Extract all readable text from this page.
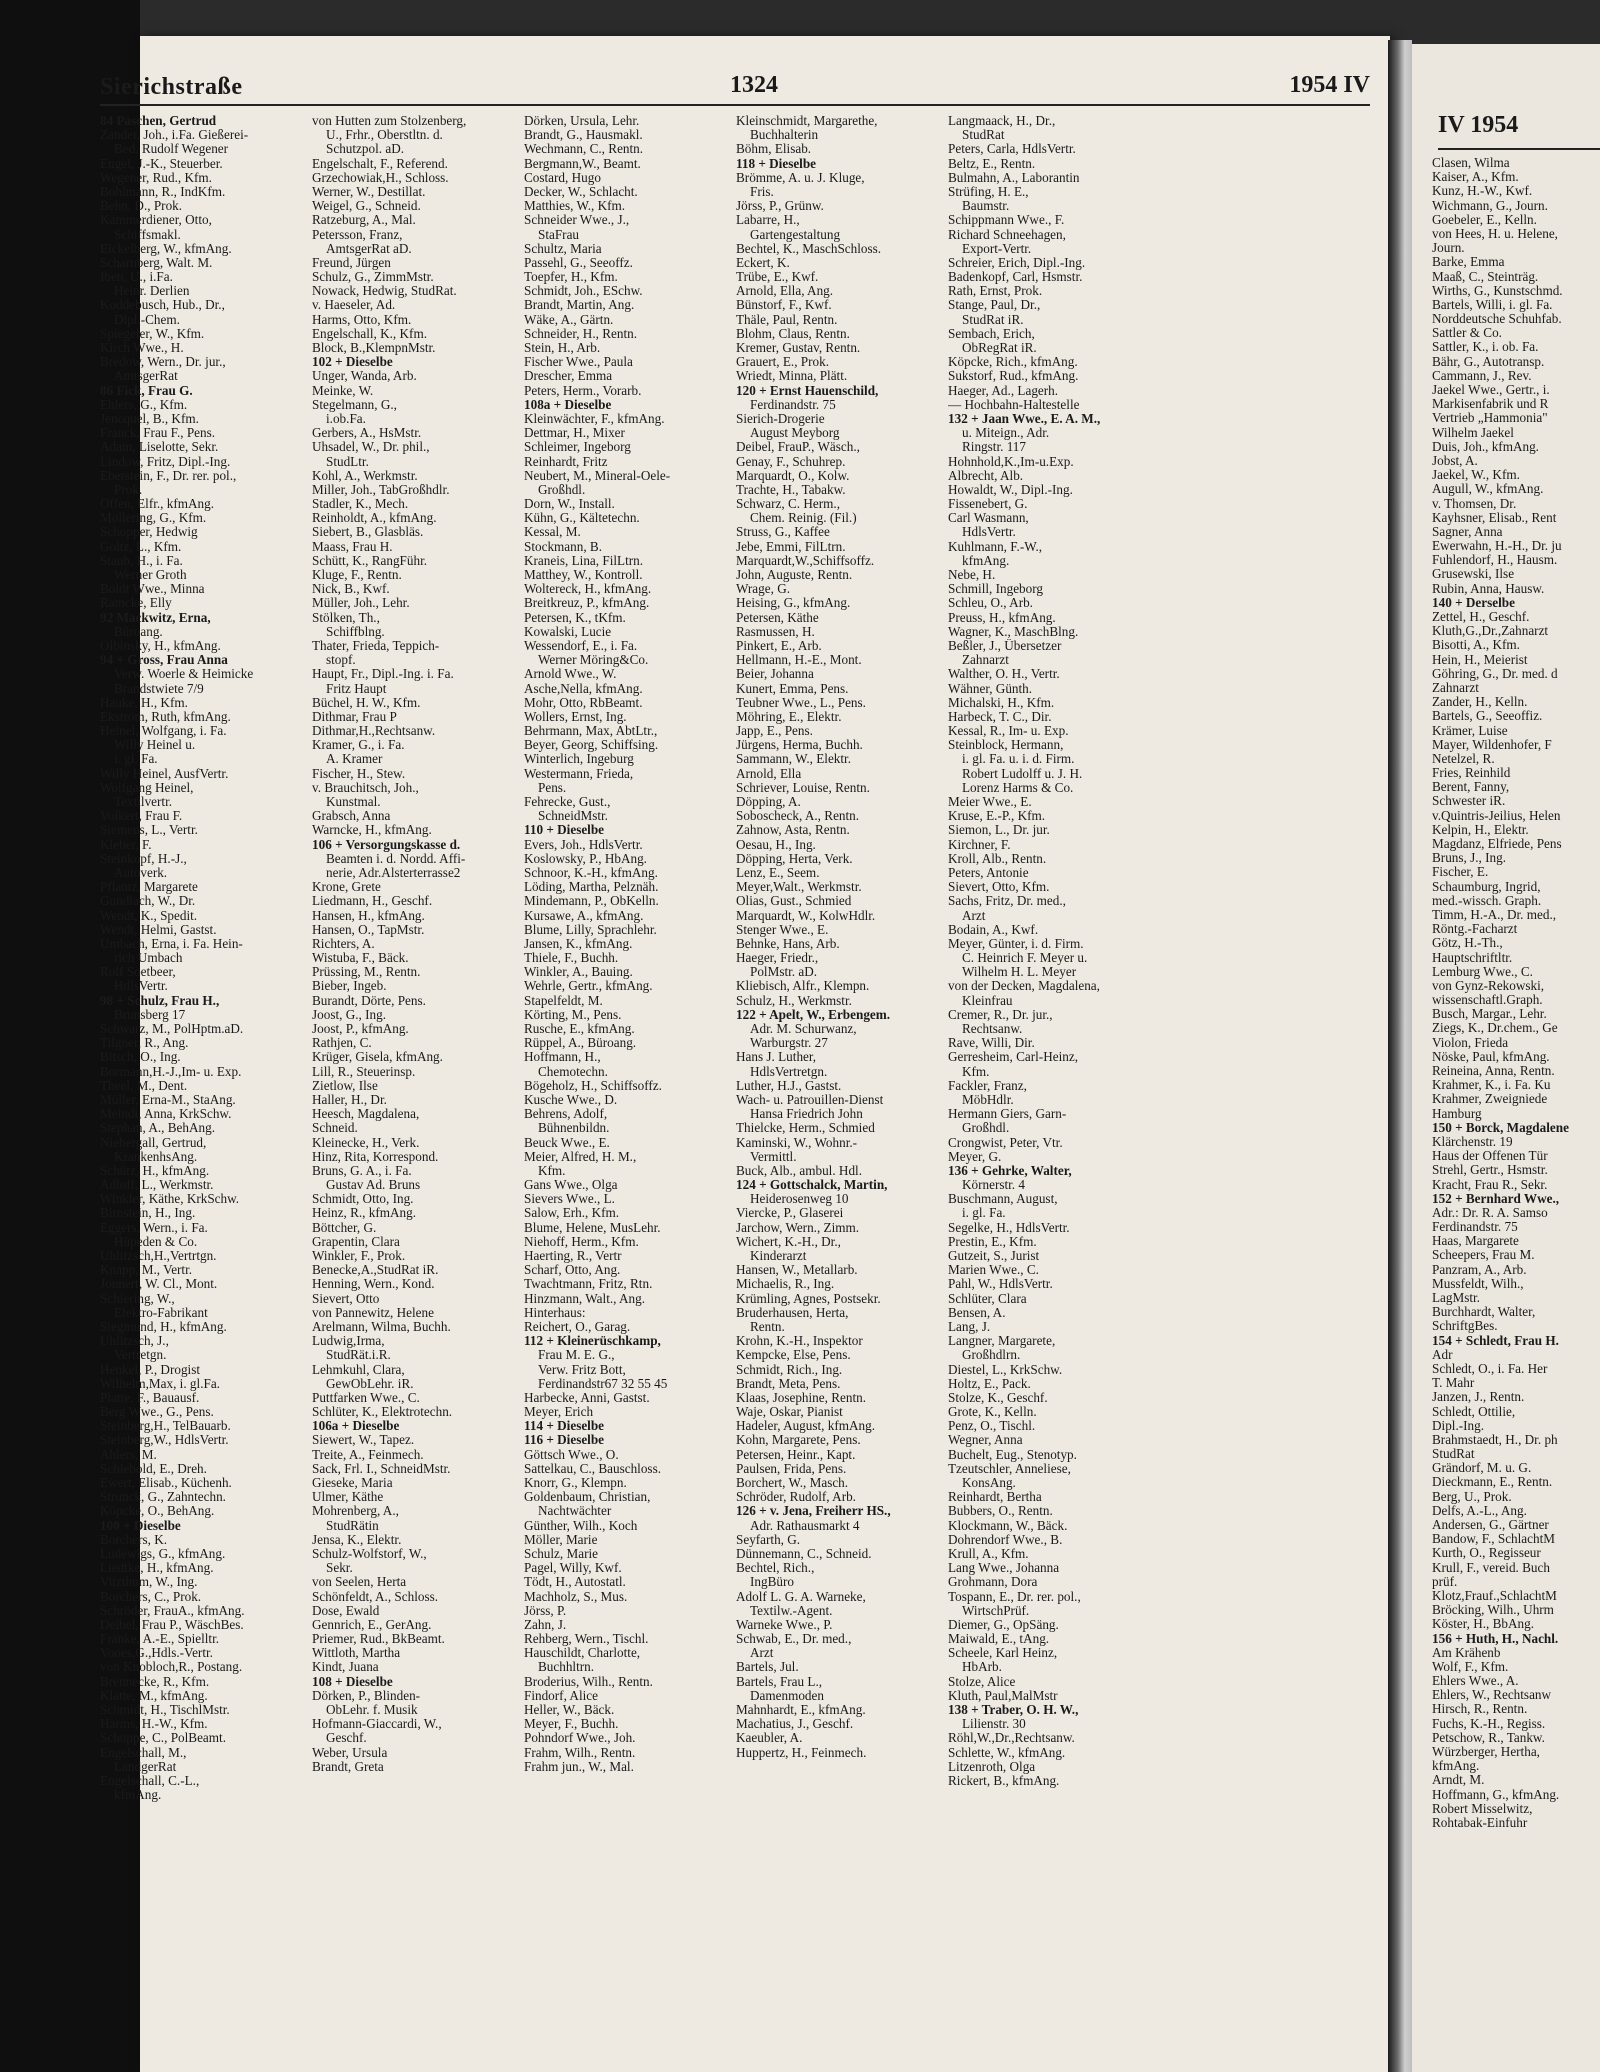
IV 1954
Clasen, Wilma
Kaiser, A., Kfm.
Kunz, H.-W., Kwf.
Wichmann, G., Journ.
Goebeler, E., Kelln.
von Hees, H. u. Helene,
Journ.
Barke, Emma
Maaß, C., Steinträg.
Wirths, G., Kunstschmd.
Bartels, Willi, i. gl. Fa.
Norddeutsche Schuhfab.
Sattler & Co.
Sattler, K., i. ob. Fa.
Bähr, G., Autotransp.
Cammann, J., Rev.
Jaekel Wwe., Gertr., i.
Markisenfabrik und R
Vertrieb „Hammonia"
Wilhelm Jaekel
Duis, Joh., kfmAng.
Jobst, A.
Jaekel, W., Kfm.
Augull, W., kfmAng.
v. Thomsen, Dr.
Kayhsner, Elisab., Rent
Sagner, Anna
Ewerwahn, H.-H., Dr. ju
Fuhlendorf, H., Hausm.
Grusewski, Ilse
Rubin, Anna, Hausw.
140 + Derselbe
Zettel, H., Geschf.
Kluth,G.,Dr.,Zahnarzt
Bisotti, A., Kfm.
Hein, H., Meierist
Göhring, G., Dr. med. d
Zahnarzt
Zander, H., Kelln.
Bartels, G., Seeoffiz.
Krämer, Luise
Mayer, Wildenhofer, F
Netelzel, R.
Fries, Reinhild
Berent, Fanny,
Schwester iR.
v.Quintris-Jeilius, Helen
Kelpin, H., Elektr.
Magdanz, Elfriede, Pens
Bruns, J., Ing.
Fischer, E.
Schaumburg, Ingrid,
med.-wissch. Graph.
Timm, H.-A., Dr. med.,
Röntg.-Facharzt
Götz, H.-Th.,
Hauptschriftltr.
Lemburg Wwe., C.
von Gynz-Rekowski,
wissenschaftl.Graph.
Busch, Margar., Lehr.
Ziegs, K., Dr.chem., Ge
Violon, Frieda
Nöske, Paul, kfmAng.
Reineina, Anna, Rentn.
Krahmer, K., i. Fa. Ku
Krahmer, Zweigniede
Hamburg
150 + Borck, Magdalene
Klärchenstr. 19
Haus der Offenen Tür
Strehl, Gertr., Hsmstr.
Kracht, Frau R., Sekr.
152 + Bernhard Wwe.,
Adr.: Dr. R. A. Samso
Ferdinandstr. 75
Haas, Margarete
Scheepers, Frau M.
Panzram, A., Arb.
Mussfeldt, Wilh.,
LagMstr.
Burchhardt, Walter,
SchriftgBes.
154 + Schledt, Frau H.
Adr
Schledt, O., i. Fa. Her
T. Mahr
Janzen, J., Rentn.
Schledt, Ottilie,
Dipl.-Ing.
Brahmstaedt, H., Dr. ph
StudRat
Grändorf, M. u. G.
Dieckmann, E., Rentn.
Berg, U., Prok.
Delfs, A.-L., Ang.
Andersen, G., Gärtner
Bandow, F., SchlachtM
Kurth, O., Regisseur
Krull, F., vereid. Buch
prüf.
Klotz,Frauf.,SchlachtM
Bröcking, Wilh., Uhrm
Köster, H., BbAng.
156 + Huth, H., Nachl.
Am Krähenb
Wolf, F., Kfm.
Ehlers Wwe., A.
Ehlers, W., Rechtsanw
Hirsch, R., Rentn.
Fuchs, K.-H., Regiss.
Petschow, R., Tankw.
Würzberger, Hertha,
kfmAng.
Arndt, M.
Hoffmann, G., kfmAng.
Robert Misselwitz,
Rohtabak-Einfuhr
Sierichstraße	1324	1954 IV
84 Paschen, Gertrud
Zander, Joh., i.Fa. Gießerei-
Bed. Rudolf Wegener
Engel, J.-K., Steuerber.
Wegener, Rud., Kfm.
Bohlmann, R., IndKfm.
Behn, D., Prok.
Kammerdiener, Otto,
Schiffsmakl.
Eickelberg, W., kfmAng.
Scharnberg, Walt. M.
Iben, U., i.Fa.
Heinr. Derlien
Koddebusch, Hub., Dr.,
Dipl.-Chem.
Spiegeler, W., Kfm.
Kirch Wwe., H.
Bredow, Wern., Dr. jur.,
AmtsgerRat
86 Fick, Frau G.
Ehlers, G., Kfm.
Jencquel, B., Kfm.
Franck, Frau F., Pens.
Adam, Liselotte, Sekr.
Lindow, Fritz, Dipl.-Ing.
Eberstein, F., Dr. rer. pol.,
Prok.
Offen, Elfr., kfmAng.
Möllering, G., Kfm.
Schopper, Hedwig
Goltz, L., Kfm.
Staub, H., i. Fa.
Werner Groth
Boldt Wwe., Minna
Ramcke, Elly
92 Mackwitz, Erna,
Büroang.
Olbinsky, H., kfmAng.
94 + Gross, Frau Anna
Verw. Woerle & Heimicke
Brandstwiete 7/9
Hauke, H., Kfm.
Ekström, Ruth, kfmAng.
Heinel, Wolfgang, i. Fa.
Willy Heinel u.
i. gl. Fa.
Willy Heinel, AusfVertr.
Wolfgang Heinel,
Textilvertr.
Volkert, Frau F.
Siemens, L., Vertr.
Kleber, F.
Steinkopf, H.-J.,
Autoverk.
Pflantz, Margarete
Gundlach, W., Dr.
Wendt, K., Spedit.
Wendt, Helmi, Gastst.
Umbach, Erna, i. Fa. Hein-
rich Umbach
Rolf Soetbeer,
HdlsVertr.
98 + Schulz, Frau H.,
Brunsberg 17
Schwarz, M., PolHptm.aD.
Tilgner, R., Ang.
Bitsch, O., Ing.
Bormann,H.-J.,Im- u. Exp.
Theel, M., Dent.
Müller, Erna-M., StaAng.
Meindl, Anna, KrkSchw.
Stephan, A., BehAng.
Niebergall, Gertrud,
KrankenhsAng.
Schütz, H., kfmAng.
Adloff, L., Werkmstr.
Winkler, Käthe, KrkSchw.
Birnstein, H., Ing.
Eggers, Wern., i. Fa.
Hüpeden & Co.
Uhlitzsch,H.,Vertrtgn.
Knapp, M., Vertr.
Jonnert, W. Cl., Mont.
Schiering, W.,
Elektro-Fabrikant
Siegmund, H., kfmAng.
Uhlitzsch, J.,
Vertretgn.
Henkel, P., Drogist
Wilhelm,Max, i. gl.Fa.
Platte, F., Bauausf.
Berg Wwe., G., Pens.
Steinberg,H., TelBauarb.
Steinberg,W., HdlsVertr.
Ahlers, M.
Schiebold, E., Dreh.
Ewert, Elisab., Küchenh.
Strunck, G., Zahntechn.
Köpcke, O., BehAng.
100 + Dieselbe
Borchers, K.
Ludewigs, G., kfmAng.
Liedtke, H., kfmAng.
Vitzthum, W., Ing.
Borchers, C., Prok.
Schröder, FrauA., kfmAng.
Deibel, Frau P., WäschBes.
Franke, A.-E., Spielltr.
Vooes,G.,Hdls.-Vertr.
von Knobloch,R., Postang.
Brennecke, R., Kfm.
Klatte, M., kfmAng.
Schmidt, H., TischlMstr.
Harms, H.-W., Kfm.
Schuppe, C., PolBeamt.
Engelschall, M.,
LandgerRat
Engelschall, C.-L.,
kfmAng.
von Hutten zum Stolzenberg,
U., Frhr., Oberstltn. d.
Schutzpol. aD.
Engelschalt, F., Referend.
Grzechowiak,H., Schloss.
Werner, W., Destillat.
Weigel, G., Schneid.
Ratzeburg, A., Mal.
Petersson, Franz,
AmtsgerRat aD.
Freund, Jürgen
Schulz, G., ZimmMstr.
Nowack, Hedwig, StudRat.
v. Haeseler, Ad.
Harms, Otto, Kfm.
Engelschall, K., Kfm.
Block, B.,KlempnMstr.
102 + Dieselbe
Unger, Wanda, Arb.
Meinke, W.
Stegelmann, G.,
i.ob.Fa.
Gerbers, A., HsMstr.
Uhsadel, W., Dr. phil.,
StudLtr.
Kohl, A., Werkmstr.
Miller, Joh., TabGroßhdlr.
Stadler, K., Mech.
Reinholdt, A., kfmAng.
Siebert, B., Glasbläs.
Maass, Frau H.
Schütt, K., RangFühr.
Kluge, F., Rentn.
Nick, B., Kwf.
Müller, Joh., Lehr.
Stölken, Th.,
Schiffblng.
Thater, Frieda, Teppich-
stopf.
Haupt, Fr., Dipl.-Ing. i. Fa.
Fritz Haupt
Büchel, H. W., Kfm.
Dithmar, Frau P
Dithmar,H.,Rechtsanw.
Kramer, G., i. Fa.
A. Kramer
Fischer, H., Stew.
v. Brauchitsch, Joh.,
Kunstmal.
Grabsch, Anna
Warncke, H., kfmAng.
106 + Versorgungskasse d.
Beamten i. d. Nordd. Affi-
nerie, Adr.Alsterterrasse2
Krone, Grete
Liedmann, H., Geschf.
Hansen, H., kfmAng.
Hansen, O., TapMstr.
Richters, A.
Wistuba, F., Bäck.
Prüssing, M., Rentn.
Bieber, Ingeb.
Burandt, Dörte, Pens.
Joost, G., Ing.
Joost, P., kfmAng.
Rathjen, C.
Krüger, Gisela, kfmAng.
Lill, R., Steuerinsp.
Zietlow, Ilse
Haller, H., Dr.
Heesch, Magdalena,
Schneid.
Kleinecke, H., Verk.
Hinz, Rita, Korrespond.
Bruns, G. A., i. Fa.
Gustav Ad. Bruns
Schmidt, Otto, Ing.
Heinz, R., kfmAng.
Böttcher, G.
Grapentin, Clara
Winkler, F., Prok.
Benecke,A.,StudRat iR.
Henning, Wern., Kond.
Sievert, Otto
von Pannewitz, Helene
Arelmann, Wilma, Buchh.
Ludwig,Irma,
StudRät.i.R.
Lehmkuhl, Clara,
GewObLehr. iR.
Puttfarken Wwe., C.
Schlüter, K., Elektrotechn.
106a + Dieselbe
Siewert, W., Tapez.
Treite, A., Feinmech.
Sack, Frl. I., SchneidMstr.
Gieseke, Maria
Ulmer, Käthe
Mohrenberg, A.,
StudRätin
Jensa, K., Elektr.
Schulz-Wolfstorf, W.,
Sekr.
von Seelen, Herta
Schönfeldt, A., Schloss.
Dose, Ewald
Gennrich, E., GerAng.
Priemer, Rud., BkBeamt.
Wittloth, Martha
Kindt, Juana
108 + Dieselbe
Dörken, P., Blinden-
ObLehr. f. Musik
Hofmann-Giaccardi, W.,
Geschf.
Weber, Ursula
Brandt, Greta
Dörken, Ursula, Lehr.
Brandt, G., Hausmakl.
Wechmann, C., Rentn.
Bergmann,W., Beamt.
Costard, Hugo
Decker, W., Schlacht.
Matthies, W., Kfm.
Schneider Wwe., J.,
StaFrau
Schultz, Maria
Passehl, G., Seeoffz.
Toepfer, H., Kfm.
Schmidt, Joh., ESchw.
Brandt, Martin, Ang.
Wäke, A., Gärtn.
Schneider, H., Rentn.
Stein, H., Arb.
Fischer Wwe., Paula
Drescher, Emma
Peters, Herm., Vorarb.
108a + Dieselbe
Kleinwächter, F., kfmAng.
Dettmar, H., Mixer
Schleimer, Ingeborg
Reinhardt, Fritz
Neubert, M., Mineral-Oele-
Großhdl.
Dorn, W., Install.
Kühn, G., Kältetechn.
Kessal, M.
Stockmann, B.
Kraneis, Lina, FilLtrn.
Matthey, W., Kontroll.
Wolterec​k, H., kfmAng.
Breitkreuz, P., kfmAng.
Petersen, K., tKfm.
Kowalski, Lucie
Wessendorf, E., i. Fa.
Werner Möring&Co.
Arnold Wwe., W.
Asche,Nella, kfmAng.
Mohr, Otto, RbBeamt.
Wollers, Ernst, Ing.
Behrmann, Max, AbtLtr.,
Beyer, Georg, Schiffsing.
Winterlich, Ingeburg
Westermann, Frieda,
Pens.
Fehrecke, Gust.,
SchneidMstr.
110 + Dieselbe
Evers, Joh., HdlsVertr.
Koslowsky, P., HbAng.
Schnoor, K.-H., kfmAng.
Löding, Martha, Pelznäh.
Mindemann, P., ObKelln.
Kursawe, A., kfmAng.
Blume, Lilly, Sprachlehr.
Jansen, K., kfmAng.
Thiele, F., Buchh.
Winkler, A., Bauing.
Wehrle, Gertr., kfmAng.
Stapelfeldt, M.
Körting, M., Pens.
Rusche, E., kfmAng.
Rüppel, A., Büroang.
Hoffmann, H.,
Chemotechn.
Bögeholz, H., Schiffsoffz.
Kusche Wwe., D.
Behrens, Adolf,
Bühnenbildn.
Beuck Wwe., E.
Meier, Alfred, H. M.,
Kfm.
Gans Wwe., Olga
Sievers Wwe., L.
Salow, Erh., Kfm.
Blume, Helene, MusLehr.
Niehoff, Herm., Kfm.
Haerting, R., Vertr
Scharf, Otto, Ang.
Twachtmann, Fritz, Rtn.
Hinzmann, Walt., Ang.
Hinterhaus:
Reichert, O., Garag.
112 + Kleinerüschkamp,
Frau M. E. G.,
Verw. Fritz Bott,
Ferdinandstr67 32 55 45
Harbecke, Anni, Gastst.
Meyer, Erich
114 + Dieselbe
116 + Dieselbe
Göttsch Wwe., O.
Sattelkau, C., Bauschloss.
Knorr, G., Klempn.
Goldenbaum, Christian,
Nachtwächter
Günther, Wilh., Koch
Möller, Marie
Schulz, Marie
Pagel, Willy, Kwf.
Tödt, H., Autostatl.
Machholz, S., Mus.
Jörss, P.
Zahn, J.
Rehberg, Wern., Tischl.
Hauschildt, Charlotte,
Buchhltrn.
Broderius, Wilh., Rentn.
Findorf, Alice
Heller, W., Bäck.
Meyer, F., Buchh.
Pohndorf Wwe., Joh.
Frahm, Wilh., Rentn.
Frahm jun., W., Mal.
Kleinschmidt, Margarethe,
Buchhalterin
Böhm, Elisab.
118 + Dieselbe
Brömme, A. u. J. Kluge,
Fris.
Jörss, P., Grünw.
Labarre, H.,
Gartengestaltung
Bechtel, K., MaschSchloss.
Eckert, K.
Trübe, E., Kwf.
Arnold, Ella, Ang.
Bünstorf, F., Kwf.
Thäle, Paul, Rentn.
Blohm, Claus, Rentn.
Kremer, Gustav, Rentn.
Grauert, E., Prok.
Wriedt, Minna, Plätt.
120 + Ernst Hauenschild,
Ferdinandstr. 75
Sierich-Drogerie
August Meyborg
Deibel, FrauP., Wäsch.,
Genay, F., Schuhrep.
Marquardt, O., Kolw.
Trachte, H., Tabakw.
Schwarz, C. Herm.,
Chem. Reinig. (Fil.)
Struss, G., Kaffee
Jebe, Emmi, FilLtrn.
Marquardt,W.,Schiffsoffz.
John, Auguste, Rentn.
Wrage, G.
Heising, G., kfmAng.
Petersen, Käthe
Rasmussen, H.
Pinkert, E., Arb.
Hellmann, H.-E., Mont.
Beier, Johanna
Kunert, Emma, Pens.
Teubner Wwe., L., Pens.
Möhring, E., Elektr.
Japp, E., Pens.
Jürgens, Herma, Buchh.
Sammann, W., Elektr.
Arnold, Ella
Schriever, Louise, Rentn.
Döpping, A.
Soboscheck, A., Rentn.
Zahnow, Asta, Rentn.
Oesau, H., Ing.
Döpping, Herta, Verk.
Lenz, E., Seem.
Meyer,Walt., Werkmstr.
Olias, Gust., Schmied
Marquardt, W., KolwHdlr.
Stenger Wwe., E.
Behnke, Hans, Arb.
Haeger, Friedr.,
PolMstr. aD.
Kliebisch, Alfr., Klempn.
Schulz, H., Werkmstr.
122 + Apelt, W., Erbengem.
Adr. M. Schurwanz,
Warburgstr. 27
Hans J. Luther,
HdlsVertretgn.
Luther, H.J., Gastst.
Wach- u. Patrouillen-Dienst
Hansa Friedrich John
Thielcke, Herm., Schmied
Kaminski, W., Wohnr.-
Vermittl.
Buck, Alb., ambul. Hdl.
124 + Gottschalck, Martin,
Heiderosenweg 10
Viercke, P., Glaserei
Jarchow, Wern., Zimm.
Wichert, K.-H., Dr.,
Kinderarzt
Hansen, W., Metallarb.
Michaelis, R., Ing.
Krümling, Agnes, Postsekr.
Bruderhausen, Herta,
Rentn.
Krohn, K.-H., Inspektor
Kempcke, Else, Pens.
Schmidt, Rich., Ing.
Brandt, Meta, Pens.
Klaas, Josephine, Rentn.
Waje, Oskar, Pianist
Hadeler, August, kfmAng.
Kohn, Margarete, Pens.
Petersen, Heinr., Kapt.
Paulsen, Frida, Pens.
Borchert, W., Masch.
Schröder, Rudolf, Arb.
126 + v. Jena, Freiherr HS.,
Adr. Rathausmarkt 4
Seyfarth, G.
Dünnemann, C., Schneid.
Bechtel, Rich.,
IngBüro
Adolf L. G. A. Warneke,
Textilw.-Agent.
Warneke Wwe., P.
Schwab, E., Dr. med.,
Arzt
Bartels, Jul.
Bartels, Frau L.,
Damenmoden
Mahnhardt, E., kfmAng.
Machatius, J., Geschf.
Kaeubler, A.
Huppertz, H., Feinmech.
Langmaack, H., Dr.,
StudRat
Peters, Carla, HdlsVertr.
Beltz, E., Rentn.
Bulmahn, A., Laborantin
Strüfing, H. E.,
Baumstr.
Schippmann Wwe., F.
Richard Schneehagen,
Export-Vertr.
Schreier, Erich, Dipl.-Ing.
Badenkopf, Carl, Hsmstr.
Rath, Ernst, Prok.
Stange, Paul, Dr.,
StudRat iR.
Sembach, Erich,
ObRegRat iR.
Köpcke, Rich., kfmAng.
Sukstorf, Rud., kfmAng.
Haeger, Ad., Lagerh.
— Hochbahn-Haltestelle
132 + Jaan Wwe., E. A. M.,
u. Miteign., Adr.
Ringstr. 117
Hohnhold,K.,Im-u.Exp.
Albrecht, Alb.
Howaldt, W., Dipl.-Ing.
Fissenebert, G.
Carl Wasmann,
HdlsVertr.
Kuhlmann, F.-W.,
kfmAng.
Nebe, H.
Schmill, Ingeborg
Schleu, O., Arb.
Preuss, H., kfmAng.
Wagner, K., MaschBlng.
Beßler, J., Übersetzer
Zahnarzt
Walther, O. H., Vertr.
Wähner, Günth.
Michalski, H., Kfm.
Harbeck, T. C., Dir.
Kessal, R., Im- u. Exp.
Steinblock, Hermann,
i. gl. Fa. u. i. d. Firm.
Robert Ludolff u. J. H.
Lorenz Harms & Co.
Meier Wwe., E.
Kruse, E.-P., Kfm.
Siemon, L., Dr. jur.
Kirchner, F.
Kroll, Alb., Rentn.
Peters, Antonie
Sievert, Otto, Kfm.
Sachs, Fritz, Dr. med.,
Arzt
Bodain, A., Kwf.
Meyer, Günter, i. d. Firm.
C. Heinrich F. Meyer u.
Wilhelm H. L. Meyer
von der Decken, Magdalena,
Kleinfrau
Cremer, R., Dr. jur.,
Rechtsanw.
Rave, Willi, Dir.
Gerresheim, Carl-Heinz,
Kfm.
Fackler, Franz,
MöbHdlr.
Hermann Giers, Garn-
Großhdl.
Crongwist, Peter, Vtr.
Meyer, G.
136 + Gehrke, Walter,
Körnerstr. 4
Buschmann, August,
i. gl. Fa.
Segelke, H., HdlsVertr.
Prestin, E., Kfm.
Gutzeit, S., Jurist
Marien Wwe., C.
Pahl, W., HdlsVertr.
Schlüter, Clara
Bensen, A.
Lang, J.
Langner, Margarete,
Großhdlrn.
Diestel, L., KrkSchw.
Holtz, E., Pack.
Stolze, K., Geschf.
Grote, K., Kelln.
Penz, O., Tischl.
Wegner, Anna
Buchelt, Eug., Stenotyp.
Tzeutschler, Anneliese,
KonsAng.
Reinhardt, Bertha
Bubbers, O., Rentn.
Klockmann, W., Bäck.
Dohrendorf Wwe., B.
Krull, A., Kfm.
Lang Wwe., Johanna
Grohmann, Dora
Tospann, E., Dr. rer. pol.,
WirtschPrüf.
Diemer, G., OpSäng.
Maiwald, E., tAng.
Scheele, Karl Heinz,
HbArb.
Stolze, Alice
Kluth, Paul,MalMstr
138 + Traber, O. H. W.,
Lilienstr. 30
Röhl,W.,Dr.,Rechtsanw.
Schlette, W., kfmAng.
Litzenroth, Olga
Rickert, B., kfmAng.
